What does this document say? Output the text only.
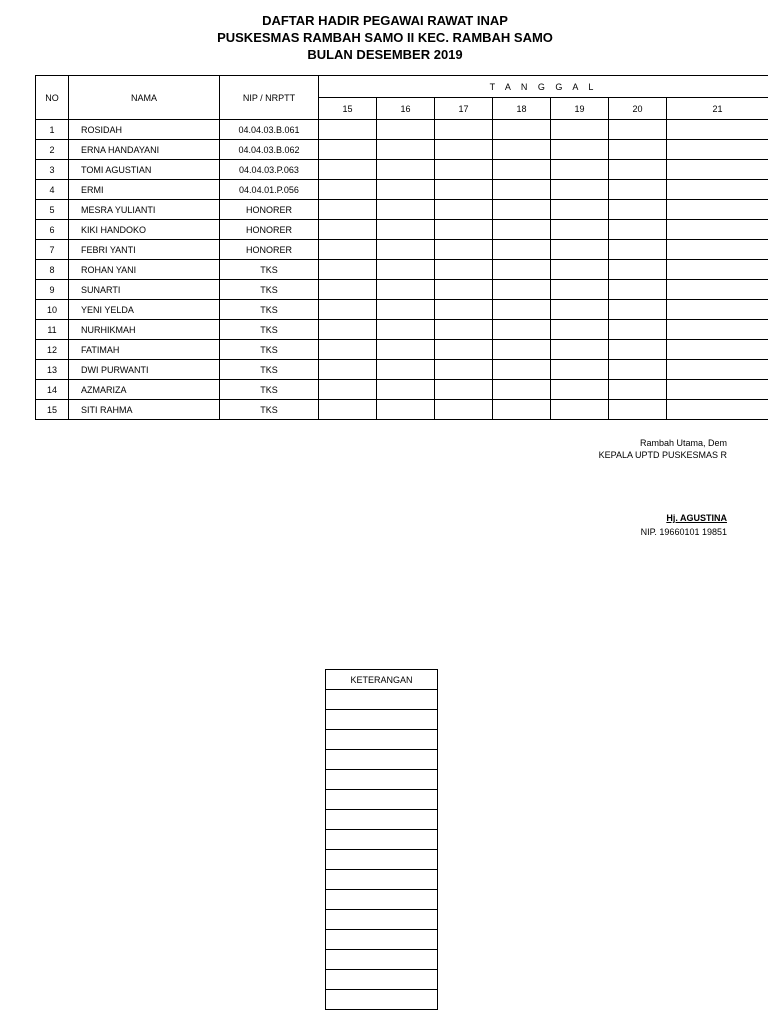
DAFTAR HADIR PEGAWAI RAWAT INAP
PUSKESMAS RAMBAH SAMO II KEC. RAMBAH SAMO
BULAN DESEMBER 2019
NO	NAMA	NIP / NRPTT	T A N G G A L							
			15	16	17	18	19	20	21	
1	ROSIDAH	04.04.03.B.061								
2	ERNA HANDAYANI	04.04.03.B.062								
3	TOMI AGUSTIAN	04.04.03.P.063								
4	ERMI	04.04.01.P.056								
5	MESRA YULIANTI	HONORER								
6	KIKI HANDOKO	HONORER								
7	FEBRI YANTI	HONORER								
8	ROHAN YANI	TKS								
9	SUNARTI	TKS								
10	YENI YELDA	TKS								
11	NURHIKMAH	TKS								
12	FATIMAH	TKS								
13	DWI PURWANTI	TKS								
14	AZMARIZA	TKS								
15	SITI RAHMA	TKS								
Rambah Utama, Dem
KEPALA UPTD PUSKESMAS R
Hj. AGUSTINA
NIP. 19660101 19851
KETERANGAN
